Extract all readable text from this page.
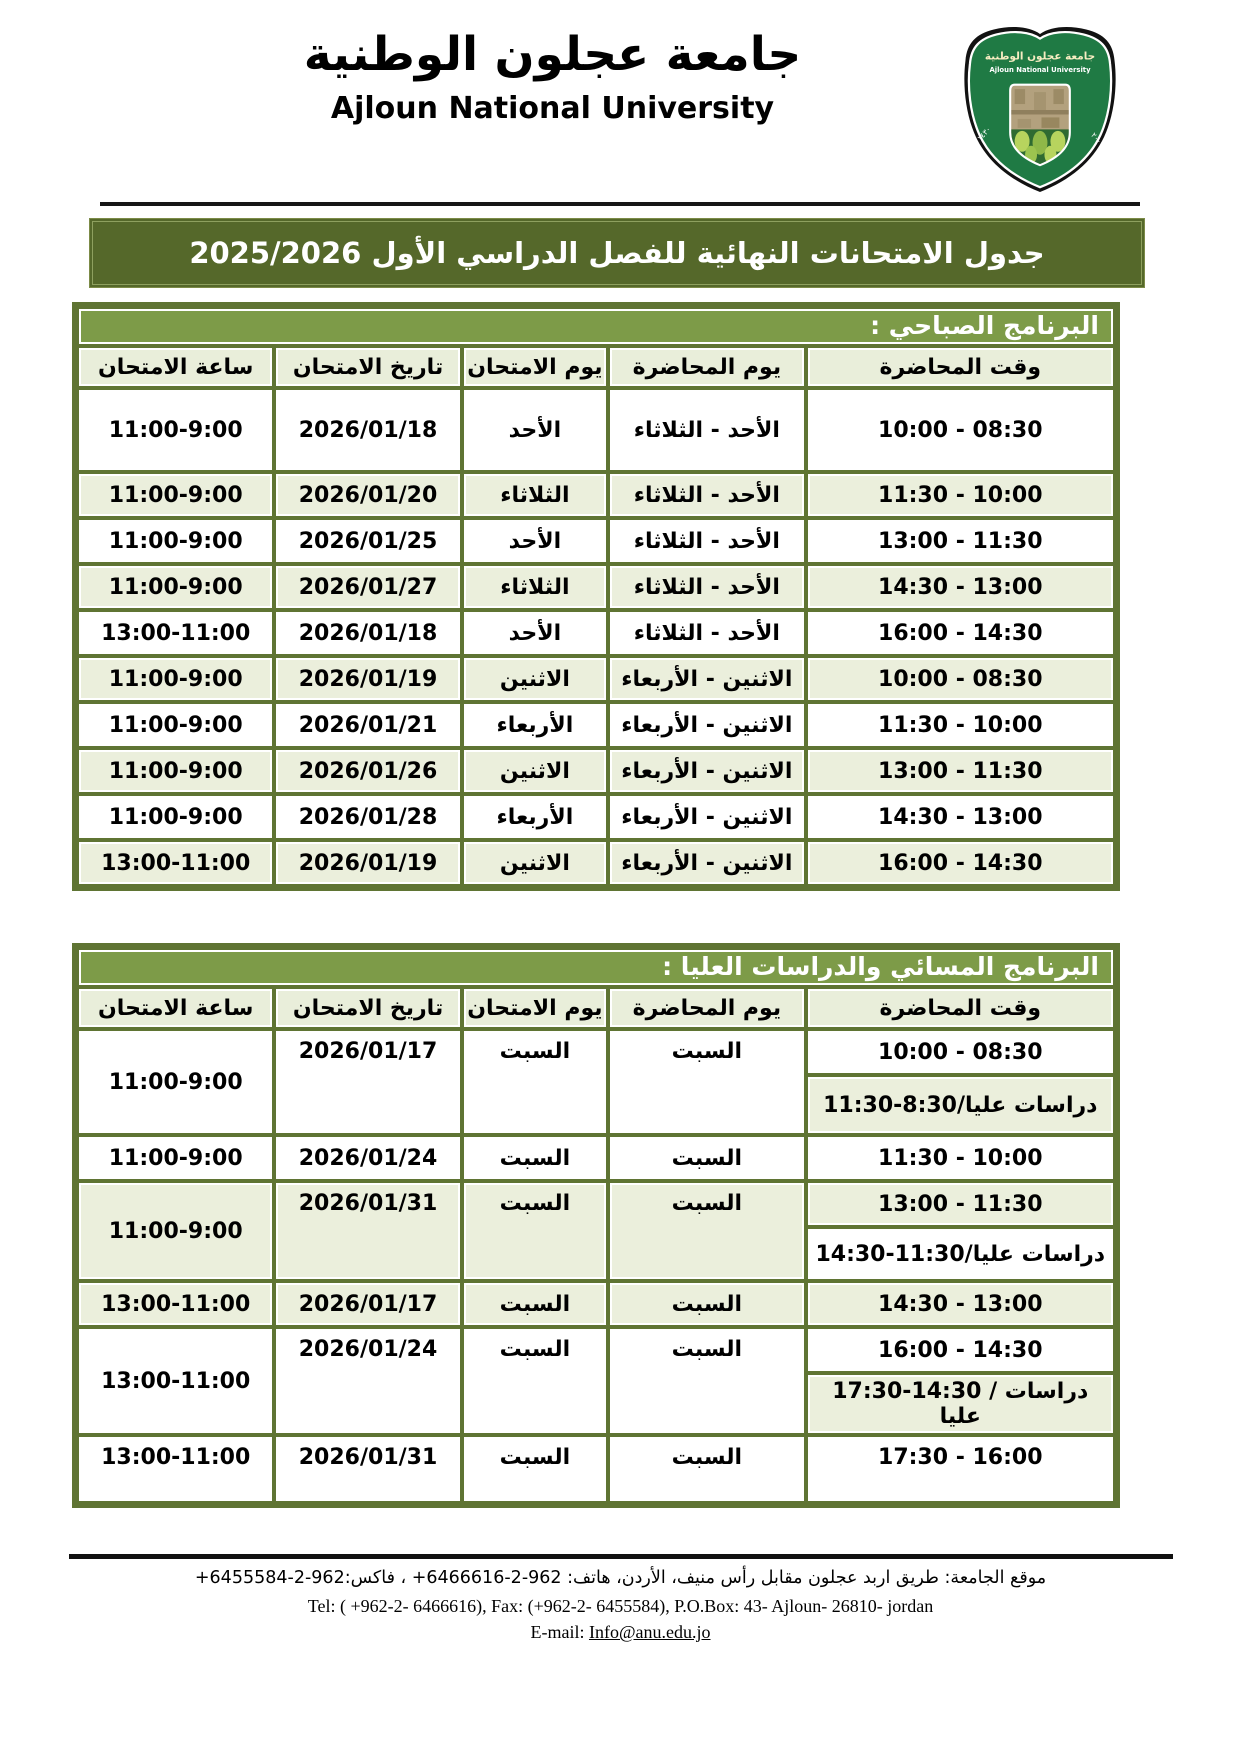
جامعة عجلون الوطنية
Ajloun National University
جامعة عجلون الوطنية
Ajloun National University
١٤٣٠	٢٠٠٩
جدول الامتحانات النهائية للفصل الدراسي الأول 2025/2026
البرنامج الصباحي :				
ساعة الامتحان	تاريخ الامتحان	يوم الامتحان	يوم المحاضرة	وقت المحاضرة
11:00-9:00	2026/01/18	الأحد	الأحد - الثلاثاء	10:00 - 08:30
11:00-9:00	2026/01/20	الثلاثاء	الأحد - الثلاثاء	11:30 - 10:00
11:00-9:00	2026/01/25	الأحد	الأحد - الثلاثاء	13:00 - 11:30
11:00-9:00	2026/01/27	الثلاثاء	الأحد - الثلاثاء	14:30 - 13:00
13:00-11:00	2026/01/18	الأحد	الأحد - الثلاثاء	16:00 - 14:30
11:00-9:00	2026/01/19	الاثنين	الاثنين - الأربعاء	10:00 - 08:30
11:00-9:00	2026/01/21	الأربعاء	الاثنين - الأربعاء	11:30 - 10:00
11:00-9:00	2026/01/26	الاثنين	الاثنين - الأربعاء	13:00 - 11:30
11:00-9:00	2026/01/28	الأربعاء	الاثنين - الأربعاء	14:30 - 13:00
13:00-11:00	2026/01/19	الاثنين	الاثنين - الأربعاء	16:00 - 14:30
البرنامج المسائي والدراسات العليا :				
ساعة الامتحان	تاريخ الامتحان	يوم الامتحان	يوم المحاضرة	وقت المحاضرة
11:00-9:00	2026/01/17	السبت	السبت	10:00 - 08:30
				11:30-8:30/دراسات عليا
11:00-9:00	2026/01/24	السبت	السبت	11:30 - 10:00
11:00-9:00	2026/01/31	السبت	السبت	13:00 - 11:30
				14:30-11:30/دراسات عليا
13:00-11:00	2026/01/17	السبت	السبت	14:30 - 13:00
13:00-11:00	2026/01/24	السبت	السبت	16:00 - 14:30
				17:30-14:30 / دراسات عليا
13:00-11:00	2026/01/31	السبت	السبت	17:30 - 16:00
موقع الجامعة: طريق اربد عجلون مقابل رأس منيف، الأردن، هاتف: 962-2-6466616+ ، فاكس:962-2-6455584+
Tel: ( +962-2- 6466616), Fax: (+962-2- 6455584), P.O.Box: 43- Ajloun- 26810- jordan
E-mail: Info@anu.edu.jo
